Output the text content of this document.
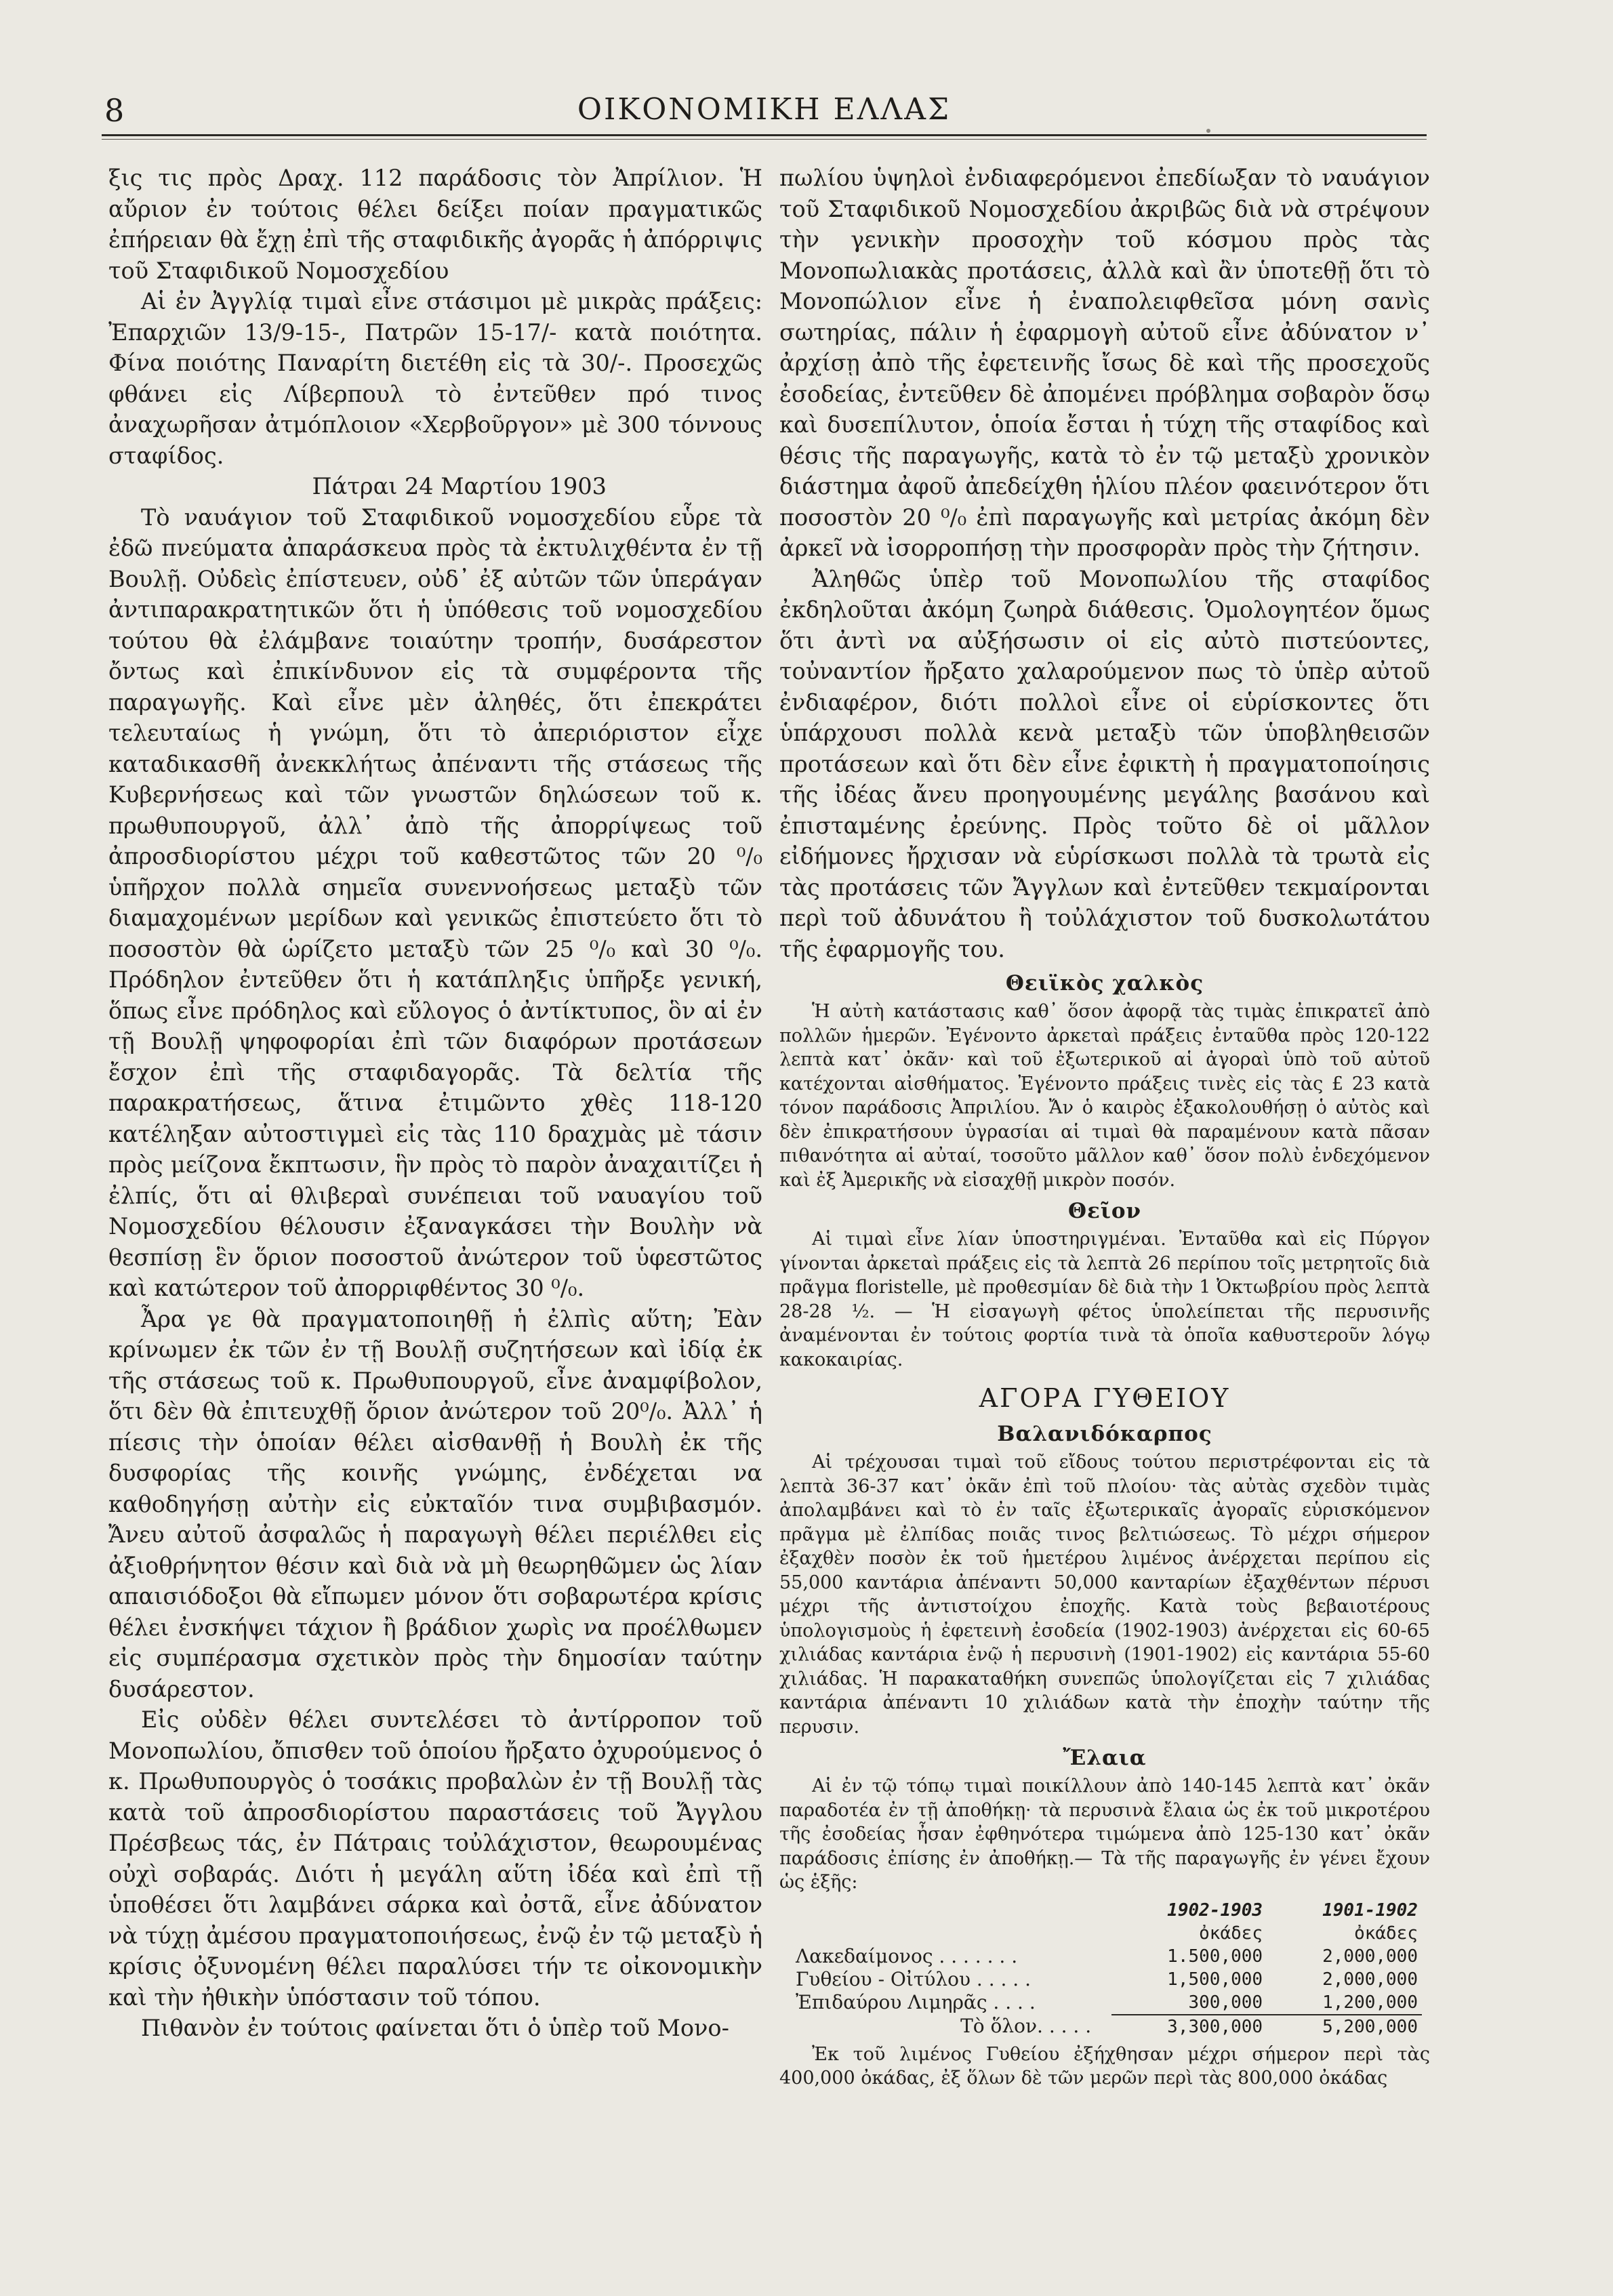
8	ΟΙΚΟΝΟΜΙΚΗ ΕΛΛΑΣ

ξις τις πρὸς Δραχ. 112 παράδοσις τὸν Ἀπρίλιον. Ἡ αὔριον ἐν τούτοις θέλει δείξει ποίαν πραγματικῶς ἐπήρειαν θὰ ἔχῃ ἐπὶ τῆς σταφιδικῆς ἀγορᾶς ἡ ἀπόρριψις τοῦ Σταφιδικοῦ Νομοσχεδίου

Αἱ ἐν Ἀγγλίᾳ τιμαὶ εἶνε στάσιμοι μὲ μικρὰς πράξεις: Ἐπαρχιῶν 13/9-15-, Πατρῶν 15-17/- κατὰ ποιότητα. Φίνα ποιότης Παναρίτη διετέθη εἰς τὰ 30/-. Προσεχῶς φθάνει εἰς Λίβερπουλ τὸ ἐντεῦθεν πρό τινος ἀναχωρῆσαν ἀτμόπλοιον «Χερβοῦργον» μὲ 300 τόννους σταφίδος.

Πάτραι 24 Μαρτίου 1903

Τὸ ναυάγιον τοῦ Σταφιδικοῦ νομοσχεδίου εὗρε τὰ ἐδῶ πνεύματα ἀπαράσκευα πρὸς τὰ ἐκτυλιχθέντα ἐν τῇ Βουλῇ. Οὐδεὶς ἐπίστευεν, οὐδ᾽ ἐξ αὐτῶν τῶν ὑπεράγαν ἀντιπαρακρατητικῶν ὅτι ἡ ὑπόθεσις τοῦ νομοσχεδίου τούτου θὰ ἐλάμβανε τοιαύτην τροπήν, δυσάρεστον ὄντως καὶ ἐπικίνδυνον εἰς τὰ συμφέροντα τῆς παραγωγῆς. Καὶ εἶνε μὲν ἀληθές, ὅτι ἐπεκράτει τελευταίως ἡ γνώμη, ὅτι τὸ ἀπεριόριστον εἶχε καταδικασθῆ ἀνεκκλήτως ἀπέναντι τῆς στάσεως τῆς Κυβερνήσεως καὶ τῶν γνωστῶν δηλώσεων τοῦ κ. πρωθυπουργοῦ, ἀλλ᾽ ἀπὸ τῆς ἀπορρίψεως τοῦ ἀπροσδιορίστου μέχρι τοῦ καθεστῶτος τῶν 20 ⁰/₀ ὑπῆρχον πολλὰ σημεῖα συνεννοήσεως μεταξὺ τῶν διαμαχομένων μερίδων καὶ γενικῶς ἐπιστεύετο ὅτι τὸ ποσοστὸν θὰ ὡρίζετο μεταξὺ τῶν 25 ⁰/₀ καὶ 30 ⁰/₀. Πρόδηλον ἐντεῦθεν ὅτι ἡ κατάπληξις ὑπῆρξε γενική, ὅπως εἶνε πρόδηλος καὶ εὔλογος ὁ ἀντίκτυπος, ὃν αἱ ἐν τῇ Βουλῇ ψηφοφορίαι ἐπὶ τῶν διαφόρων προτάσεων ἔσχον ἐπὶ τῆς σταφιδαγορᾶς. Τὰ δελτία τῆς παρακρατήσεως, ἅτινα ἐτιμῶντο χθὲς 118-120 κατέληξαν αὐτοστιγμεὶ εἰς τὰς 110 δραχμὰς μὲ τάσιν πρὸς μείζονα ἔκπτωσιν, ἣν πρὸς τὸ παρὸν ἀναχαιτίζει ἡ ἐλπίς, ὅτι αἱ θλιβεραὶ συνέπειαι τοῦ ναυαγίου τοῦ Νομοσχεδίου θέλουσιν ἐξαναγκάσει τὴν Βουλὴν νὰ θεσπίσῃ ἓν ὅριον ποσοστοῦ ἀνώτερον τοῦ ὑφεστῶτος καὶ κατώτερον τοῦ ἀπορριφθέντος 30 ⁰/₀.

Ἆρα γε θὰ πραγματοποιηθῇ ἡ ἐλπὶς αὕτη; Ἐὰν κρίνωμεν ἐκ τῶν ἐν τῇ Βουλῇ συζητήσεων καὶ ἰδίᾳ ἐκ τῆς στάσεως τοῦ κ. Πρωθυπουργοῦ, εἶνε ἀναμφίβολον, ὅτι δὲν θὰ ἐπιτευχθῇ ὅριον ἀνώτερον τοῦ 20⁰/₀. Ἀλλ᾽ ἡ πίεσις τὴν ὁποίαν θέλει αἰσθανθῇ ἡ Βουλὴ ἐκ τῆς δυσφορίας τῆς κοινῆς γνώμης, ἐνδέχεται να καθοδηγήσῃ αὐτὴν εἰς εὐκταῖόν τινα συμβιβασμόν. Ἄνευ αὐτοῦ ἀσφαλῶς ἡ παραγωγὴ θέλει περιέλθει εἰς ἀξιοθρήνητον θέσιν καὶ διὰ νὰ μὴ θεωρηθῶμεν ὡς λίαν απαισιόδοξοι θὰ εἴπωμεν μόνον ὅτι σοβαρωτέρα κρίσις θέλει ἐνσκήψει τάχιον ἢ βράδιον χωρὶς να προέλθωμεν εἰς συμπέρασμα σχετικὸν πρὸς τὴν δημοσίαν ταύτην δυσάρεστον.

Εἰς οὐδὲν θέλει συντελέσει τὸ ἀντίρροπον τοῦ Μονοπωλίου, ὄπισθεν τοῦ ὁποίου ἤρξατο ὀχυρούμενος ὁ κ. Πρωθυπουργὸς ὁ τοσάκις προβαλὼν ἐν τῇ Βουλῇ τὰς κατὰ τοῦ ἀπροσδιορίστου παραστάσεις τοῦ Ἄγγλου Πρέσβεως τάς, ἐν Πάτραις τοὐλάχιστον, θεωρουμένας οὐχὶ σοβαράς. Διότι ἡ μεγάλη αὕτη ἰδέα καὶ ἐπὶ τῇ ὑποθέσει ὅτι λαμβάνει σάρκα καὶ ὀστᾶ, εἶνε ἀδύνατον νὰ τύχῃ ἀμέσου πραγματοποιήσεως, ἐνῷ ἐν τῷ μεταξὺ ἡ κρίσις ὀξυνομένη θέλει παραλύσει τήν τε οἰκονομικὴν καὶ τὴν ἠθικὴν ὑπόστασιν τοῦ τόπου.

Πιθανὸν ἐν τούτοις φαίνεται ὅτι ὁ ὑπὲρ τοῦ Μονο-

πωλίου ὑψηλοὶ ἐνδιαφερόμενοι ἐπεδίωξαν τὸ ναυάγιον τοῦ Σταφιδικοῦ Νομοσχεδίου ἀκριβῶς διὰ νὰ στρέψουν τὴν γενικὴν προσοχὴν τοῦ κόσμου πρὸς τὰς Μονοπωλιακὰς προτάσεις, ἀλλὰ καὶ ἂν ὑποτεθῇ ὅτι τὸ Μονοπώλιον εἶνε ἡ ἐναπολειφθεῖσα μόνη σανὶς σωτηρίας, πάλιν ἡ ἐφαρμογὴ αὐτοῦ εἶνε ἀδύνατον ν᾽ ἀρχίσῃ ἀπὸ τῆς ἐφετεινῆς ἴσως δὲ καὶ τῆς προσεχοῦς ἐσοδείας, ἐντεῦθεν δὲ ἀπομένει πρόβλημα σοβαρὸν ὅσῳ καὶ δυσεπίλυτον, ὁποία ἔσται ἡ τύχη τῆς σταφίδος καὶ θέσις τῆς παραγωγῆς, κατὰ τὸ ἐν τῷ μεταξὺ χρονικὸν διάστημα ἀφοῦ ἀπεδείχθη ἡλίου πλέον φαεινότερον ὅτι ποσοστὸν 20 ⁰/₀ ἐπὶ παραγωγῆς καὶ μετρίας ἀκόμη δὲν ἀρκεῖ νὰ ἰσορροπήσῃ τὴν προσφορὰν πρὸς τὴν ζήτησιν.

Ἀληθῶς ὑπὲρ τοῦ Μονοπωλίου τῆς σταφίδος ἐκδηλοῦται ἀκόμη ζωηρὰ διάθεσις. Ὁμολογητέον ὅμως ὅτι ἀντὶ να αὐξήσωσιν οἱ εἰς αὐτὸ πιστεύοντες, τοὐναντίον ἤρξατο χαλαρούμενον πως τὸ ὑπὲρ αὐτοῦ ἐνδιαφέρον, διότι πολλοὶ εἶνε οἱ εὑρίσκοντες ὅτι ὑπάρχουσι πολλὰ κενὰ μεταξὺ τῶν ὑποβληθεισῶν προτάσεων καὶ ὅτι δὲν εἶνε ἐφικτὴ ἡ πραγματοποίησις τῆς ἰδέας ἄνευ προηγουμένης μεγάλης βασάνου καὶ ἐπισταμένης ἐρεύνης. Πρὸς τοῦτο δὲ οἱ μᾶλλον εἰδήμονες ἤρχισαν νὰ εὑρίσκωσι πολλὰ τὰ τρωτὰ εἰς τὰς προτάσεις τῶν Ἄγγλων καὶ ἐντεῦθεν τεκμαίρονται περὶ τοῦ ἀδυνάτου ἢ τοὐλάχιστον τοῦ δυσκολωτάτου τῆς ἐφαρμογῆς του.

Θειϊκὸς χαλκὸς

Ἡ αὐτὴ κατάστασις καθ᾽ ὅσον ἀφορᾷ τὰς τιμὰς ἐπικρατεῖ ἀπὸ πολλῶν ἡμερῶν. Ἐγένοντο ἀρκεταὶ πράξεις ἐνταῦθα πρὸς 120-122 λεπτὰ κατ᾽ ὀκᾶν· καὶ τοῦ ἐξωτερικοῦ αἱ ἀγοραὶ ὑπὸ τοῦ αὐτοῦ κατέχονται αἰσθήματος. Ἐγένοντο πράξεις τινὲς εἰς τὰς £ 23 κατὰ τόνον παράδοσις Ἀπριλίου. Ἄν ὁ καιρὸς ἐξακολουθήσῃ ὁ αὐτὸς καὶ δὲν ἐπικρατήσουν ὑγρασίαι αἱ τιμαὶ θὰ παραμένουν κατὰ πᾶσαν πιθανότητα αἱ αὐταί, τοσοῦτο μᾶλλον καθ᾽ ὅσον πολὺ ἐνδεχόμενον καὶ ἐξ Ἀμερικῆς νὰ εἰσαχθῇ μικρὸν ποσόν.

Θεῖον

Αἱ τιμαὶ εἶνε λίαν ὑποστηριγμέναι. Ἐνταῦθα καὶ εἰς Πύργον γίνονται ἀρκεταὶ πράξεις εἰς τὰ λεπτὰ 26 περίπου τοῖς μετρητοῖς διὰ πρᾶγμα floristelle, μὲ προθεσμίαν δὲ διὰ τὴν 1 Ὀκτωβρίου πρὸς λεπτὰ 28-28 ½. — Ἡ εἰσαγωγὴ φέτος ὑπολείπεται τῆς περυσινῆς ἀναμένονται ἐν τούτοις φορτία τινὰ τὰ ὁποῖα καθυστεροῦν λόγῳ κακοκαιρίας.

ΑΓΟΡΑ ΓΥΘΕΙΟΥ
Βαλανιδόκαρπος

Αἱ τρέχουσαι τιμαὶ τοῦ εἴδους τούτου περιστρέφονται εἰς τὰ λεπτὰ 36-37 κατ᾽ ὀκᾶν ἐπὶ τοῦ πλοίου· τὰς αὐτὰς σχεδὸν τιμὰς ἀπολαμβάνει καὶ τὸ ἐν ταῖς ἐξωτερικαῖς ἀγοραῖς εὑρισκόμενον πρᾶγμα μὲ ἐλπίδας ποιᾶς τινος βελτιώσεως. Τὸ μέχρι σήμερον ἐξαχθὲν ποσὸν ἐκ τοῦ ἡμετέρου λιμένος ἀνέρχεται περίπου εἰς 55,000 καντάρια ἀπέναντι 50,000 κανταρίων ἐξαχθέντων πέρυσι μέχρι τῆς ἀντιστοίχου ἐποχῆς. Κατὰ τοὺς βεβαιοτέρους ὑπολογισμοὺς ἡ ἐφετεινὴ ἐσοδεία (1902-1903) ἀνέρχεται εἰς 60-65 χιλιάδας καντάρια ἐνῷ ἡ περυσινὴ (1901-1902) εἰς καντάρια 55-60 χιλιάδας. Ἡ παρακαταθήκη συνεπῶς ὑπολογίζεται εἰς 7 χιλιάδας καντάρια ἀπέναντι 10 χιλιάδων κατὰ τὴν ἐποχὴν ταύτην τῆς περυσιν.

Ἔλαια

Αἱ ἐν τῷ τόπῳ τιμαὶ ποικίλλουν ἀπὸ 140-145 λεπτὰ κατ᾽ ὀκᾶν παραδοτέα ἐν τῇ ἀποθήκῃ· τὰ περυσινὰ ἔλαια ὡς ἐκ τοῦ μικροτέρου τῆς ἐσοδείας ἦσαν ἐφθηνότερα τιμώμενα ἀπὸ 125-130 κατ᾽ ὀκᾶν παράδοσις ἐπίσης ἐν ἀποθήκῃ.— Τὰ τῆς παραγωγῆς ἐν γένει ἔχουν ὡς ἑξῆς:

	1902-1903	1901-1902
	ὀκάδες	ὀκάδες
Λακεδαίμονος . . . . . . .	1.500,000	2,000,000
Γυθείου - Οἰτύλου . . . . .	1,500,000	2,000,000
Ἐπιδαύρου Λιμηρᾶς . . . .	300,000	1,200,000
Τὸ ὅλον. . . . .	3,300,000	5,200,000

Ἐκ τοῦ λιμένος Γυθείου ἐξήχθησαν μέχρι σήμερον περὶ τὰς 400,000 ὀκάδας, ἐξ ὅλων δὲ τῶν μερῶν περὶ τὰς 800,000 ὀκάδας
